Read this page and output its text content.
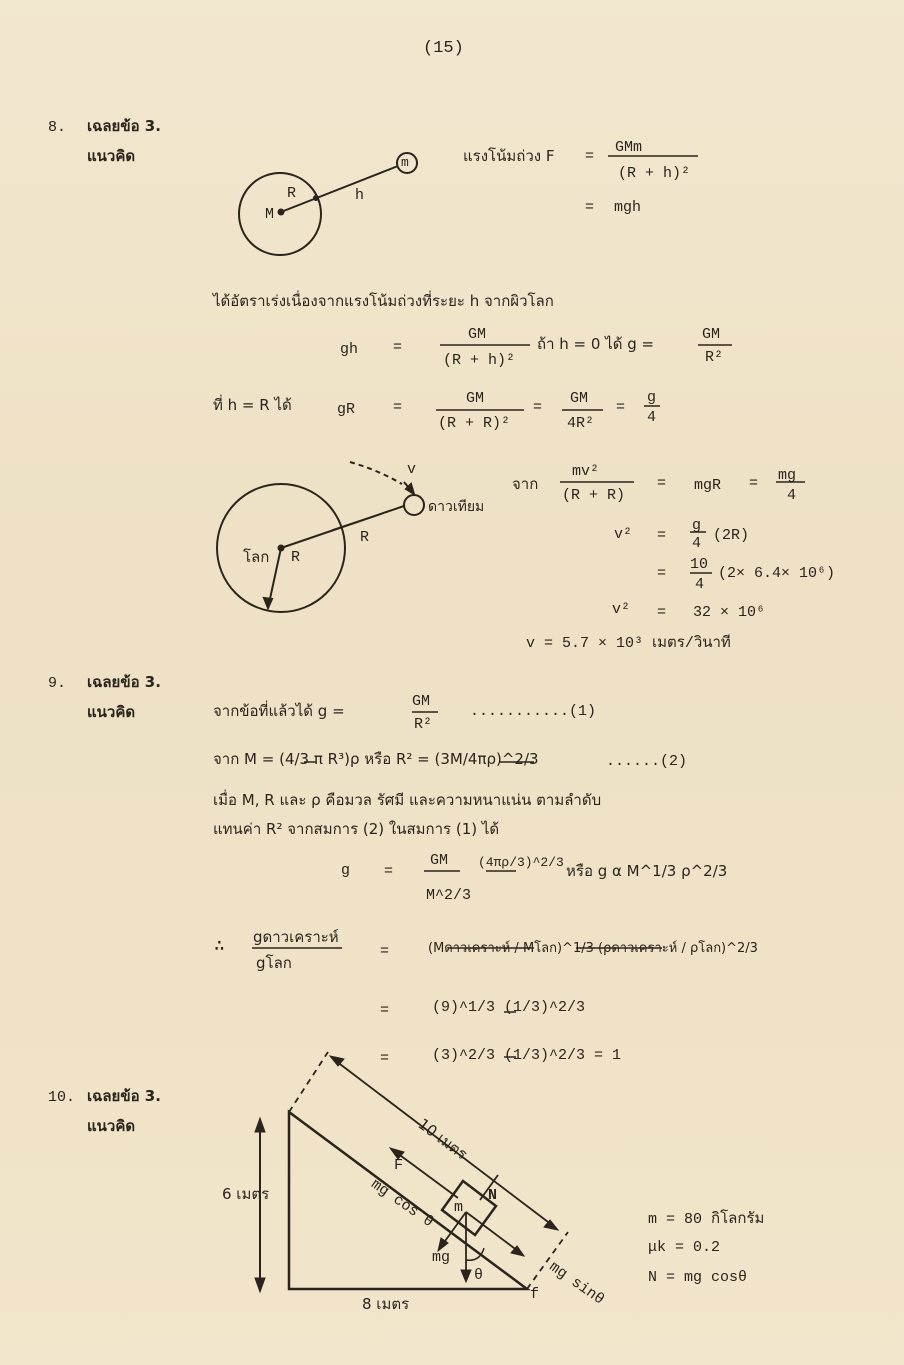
(15)
8. เฉลยข้อ 3.
แนวคิด
M
R	h
m	แรงโน้มถ่วง F =
GMm
(R + h)²
= mgh
ได้อัตราเร่งเนื่องจากแรงโน้มถ่วงที่ระยะ h จากผิวโลก
gh =
GM
(R + h)²
ถ้า h = 0 ได้ g =
GM
R²
ที่ h = R ได้	gR	=
GM
(R + R)²
=
GM
4R²
=
g
4
โลก R
R
v
ดาวเทียม
จาก
mv²
(R + R)
= mgR = mg
4
v² =
g
4 (2R)
=
10
4
(2× 6.4× 10⁶)
v² = 32 × 10⁶
v = 5.7 × 10³ เมตร/วินาที
9. เฉลยข้อ 3.
แนวคิด	จากข้อที่แล้วได้ g =
GM
R²
...........(1)
จาก M = (4/3 π R³)ρ หรือ R² = (3M/4πρ)^2/3	......(2)
เมื่อ M, R และ ρ คือมวล รัศมี และความหนาแน่น ตามลำดับ
แทนค่า R² จากสมการ (2) ในสมการ (1) ได้
g =
GM
M^2/3
(4πρ/3)^2/3 หรือ g α M^1/3 ρ^2/3
∴ gดาวเคราะห์
gโลก
=	(Mดาวเคราะห์ / Mโลก)^1/3 (ρดาวเคราะห์ / ρโลก)^2/3
=	(9)^1/3 (1/3)^2/3
=	(3)^2/3 (1/3)^2/3 = 1
10. เฉลยข้อ 3.
แนวคิด
6 เมตร
8 เมตร
10 เมตร
F
N
m
mg cos θ
mg
θ
f mg sinθ
m = 80 กิโลกรัม
μk = 0.2
N = mg cosθ
